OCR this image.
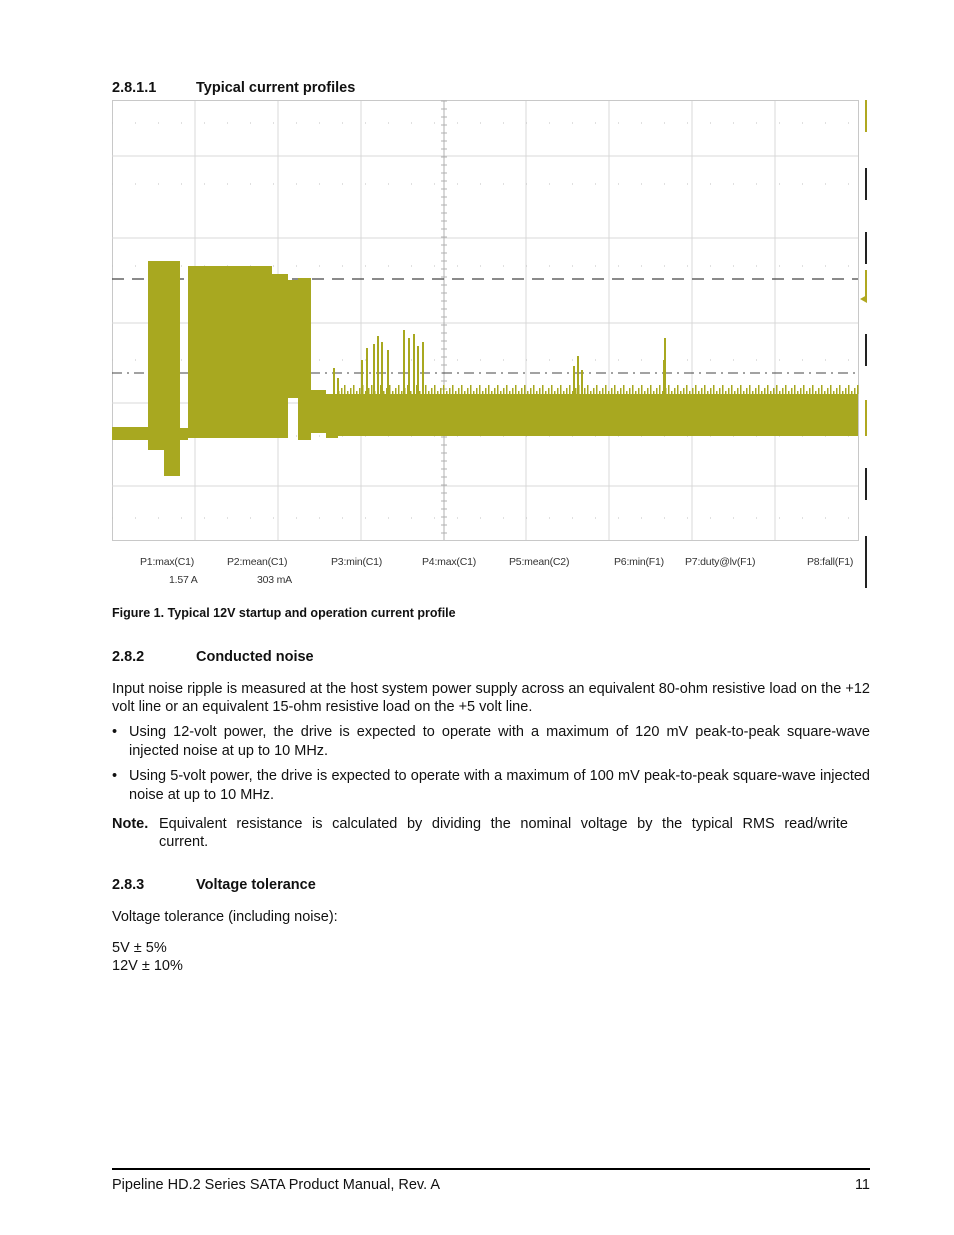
2.8.1.1	Typical current profiles
P1:max(C1)
1.57 A
P2:mean(C1)
303 mA
P3:min(C1)	P4:max(C1)	P5:mean(C2)	P6:min(F1) P7:duty@lv(F1)	P8:fall(F1)
Figure 1. Typical 12V startup and operation current profile
2.8.2	Conducted noise
Input noise ripple is measured at the host system power supply across an equivalent 80-ohm resistive load on the +12 volt line or an equivalent 15-ohm resistive load on the +5 volt line.
• Using 12-volt power, the drive is expected to operate with a maximum of 120 mV peak-to-peak square-wave injected noise at up to 10 MHz.
• Using 5-volt power, the drive is expected to operate with a maximum of 100 mV peak-to-peak square-wave injected noise at up to 10 MHz.
Note. Equivalent resistance is calculated by dividing the nominal voltage by the typical RMS read/write
current.
2.8.3	Voltage tolerance
Voltage tolerance (including noise):
5V ± 5%
12V ± 10%
Pipeline HD.2 Series SATA Product Manual, Rev. A	11
